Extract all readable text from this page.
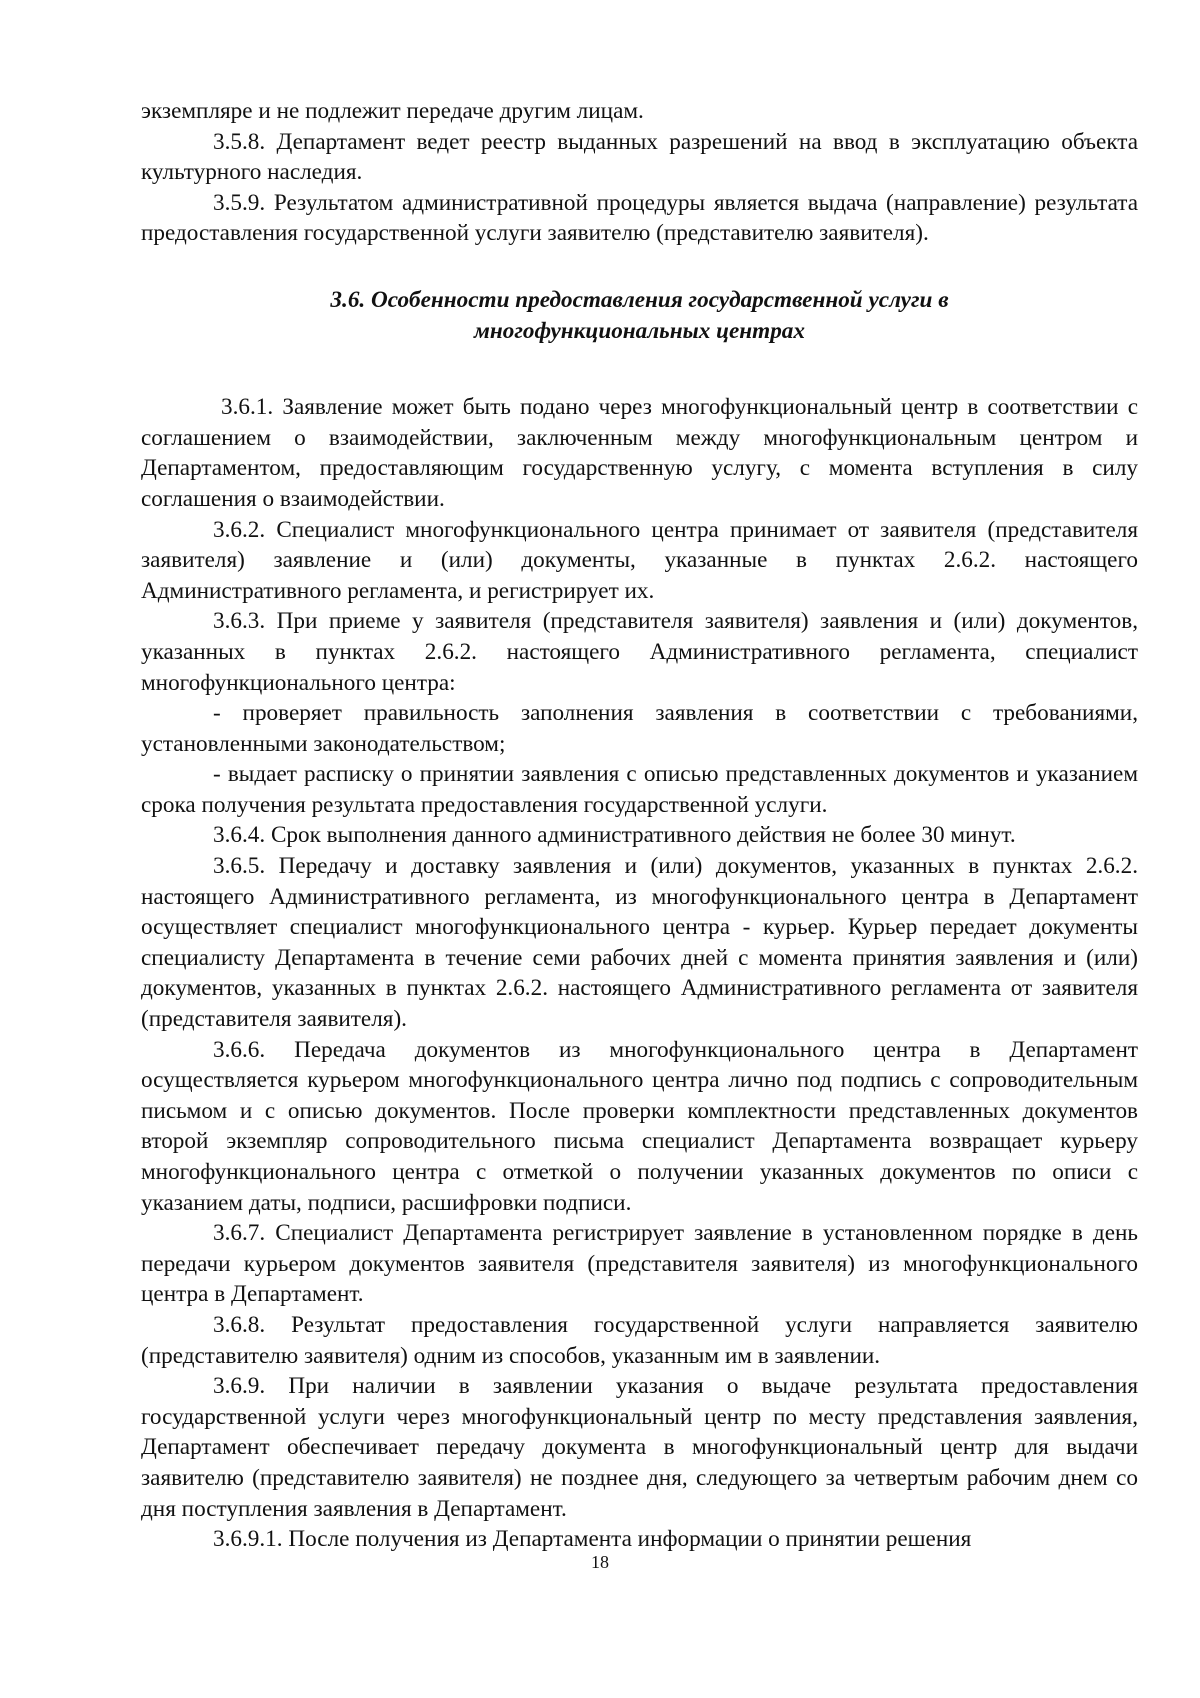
экземпляре и не подлежит передаче другим лицам.

3.5.8. Департамент ведет реестр выданных разрешений на ввод в эксплуатацию объекта культурного наследия.

3.5.9. Результатом административной процедуры является выдача (направление) результата предоставления государственной услуги заявителю (представителю заявителя).

3.6. Особенности предоставления государственной услуги в
многофункциональных центрах

3.6.1. Заявление может быть подано через многофункциональный центр в соответствии с соглашением о взаимодействии, заключенным между многофункциональным центром и Департаментом, предоставляющим государственную услугу, с момента вступления в силу соглашения о взаимодействии.

3.6.2. Специалист многофункционального центра принимает от заявителя (представителя заявителя) заявление и (или) документы, указанные в пунктах 2.6.2. настоящего Административного регламента, и регистрирует их.

3.6.3. При приеме у заявителя (представителя заявителя) заявления и (или) документов, указанных в пунктах 2.6.2. настоящего Административного регламента, специалист многофункционального центра:

- проверяет правильность заполнения заявления в соответствии с требованиями, установленными законодательством;

- выдает расписку о принятии заявления с описью представленных документов и указанием срока получения результата предоставления государственной услуги.

3.6.4. Срок выполнения данного административного действия не более 30 минут.

3.6.5. Передачу и доставку заявления и (или) документов, указанных в пунктах 2.6.2. настоящего Административного регламента, из многофункционального центра в Департамент осуществляет специалист многофункционального центра - курьер. Курьер передает документы специалисту Департамента в течение семи рабочих дней с момента принятия заявления и (или) документов, указанных в пунктах 2.6.2. настоящего Административного регламента от заявителя (представителя заявителя).

3.6.6. Передача документов из многофункционального центра в Департамент осуществляется курьером многофункционального центра лично под подпись с сопроводительным письмом и с описью документов. После проверки комплектности представленных документов второй экземпляр сопроводительного письма специалист Департамента возвращает курьеру многофункционального центра с отметкой о получении указанных документов по описи с указанием даты, подписи, расшифровки подписи.

3.6.7. Специалист Департамента регистрирует заявление в установленном порядке в день передачи курьером документов заявителя (представителя заявителя) из многофункционального центра в Департамент.

3.6.8. Результат предоставления государственной услуги направляется заявителю (представителю заявителя) одним из способов, указанным им в заявлении.

3.6.9. При наличии в заявлении указания о выдаче результата предоставления государственной услуги через многофункциональный центр по месту представления заявления, Департамент обеспечивает передачу документа в многофункциональный центр для выдачи заявителю (представителю заявителя) не позднее дня, следующего за четвертым рабочим днем со дня поступления заявления в Департамент.

3.6.9.1. После получения из Департамента информации о принятии решения

18
